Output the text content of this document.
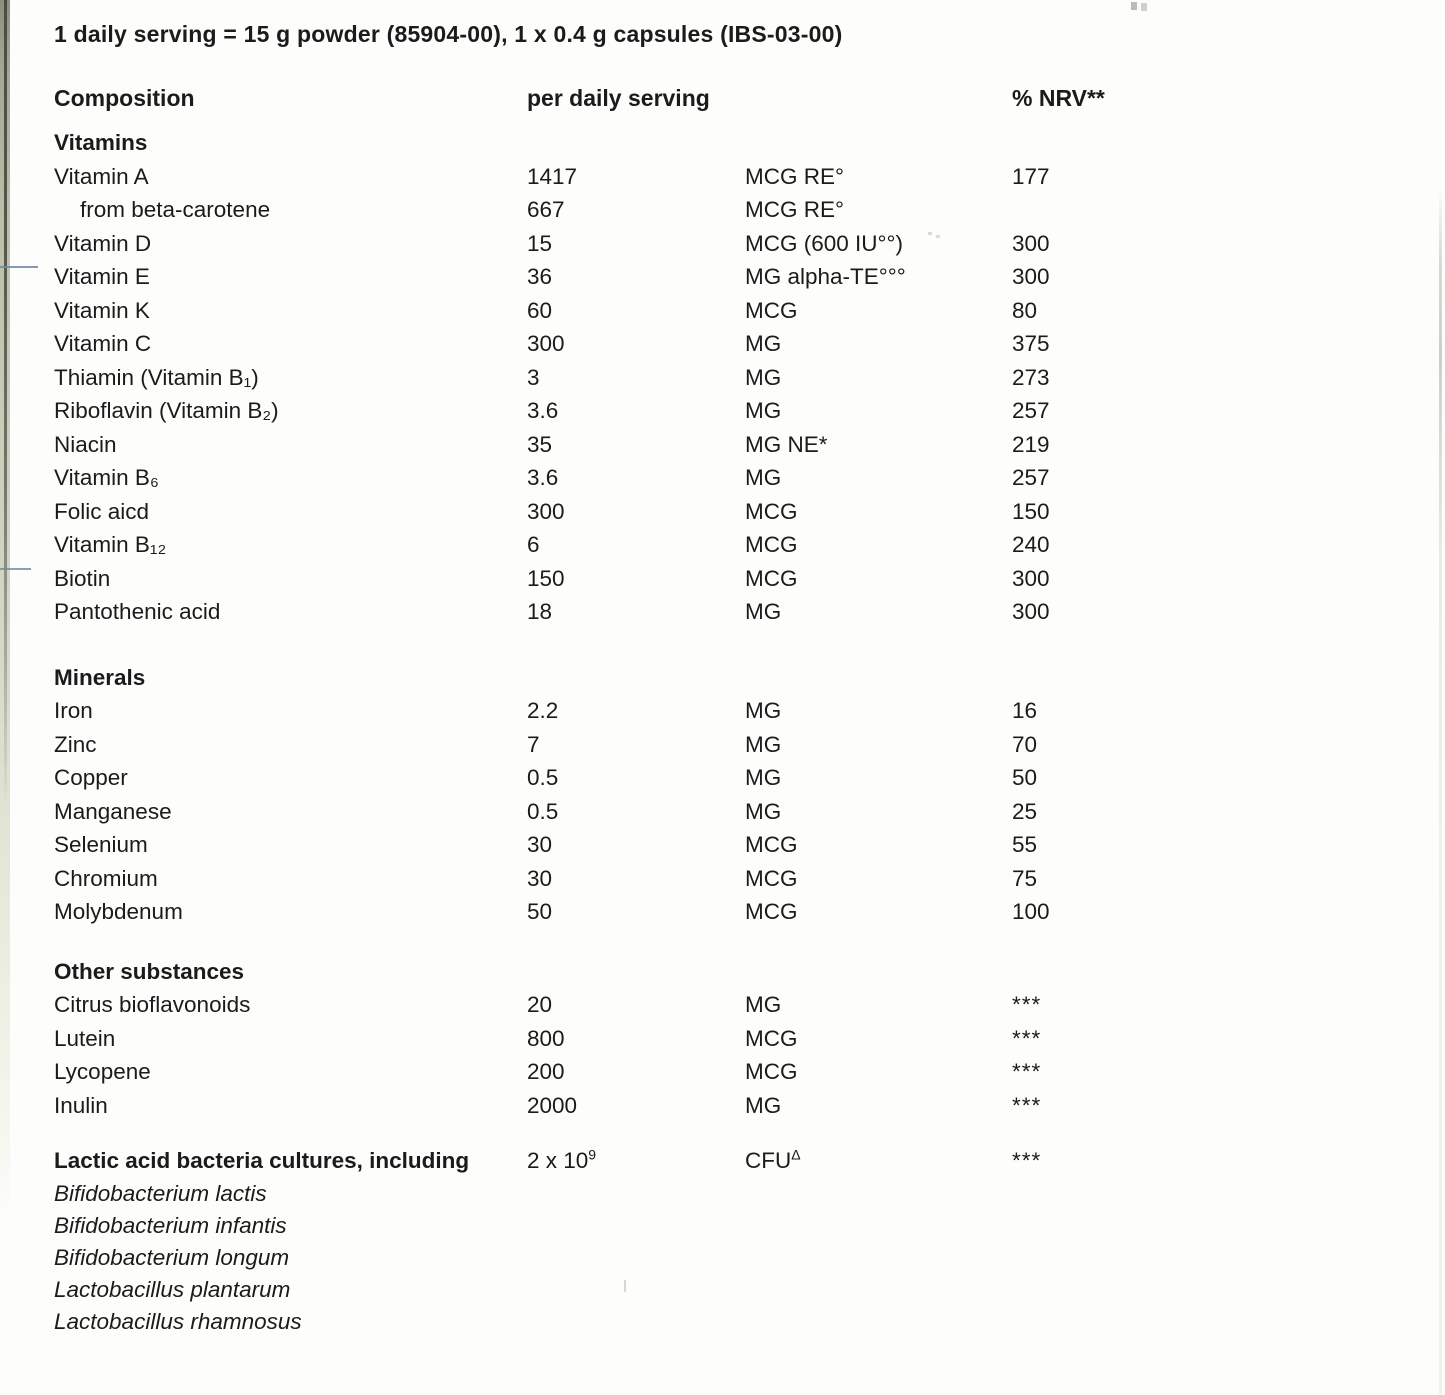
1 daily serving = 15 g powder (85904-00), 1 x 0.4 g capsules (IBS-03-00)
Composition	per daily serving	% NRV**
Vitamins
Vitamin A	1417	MCG RE°	177
from beta-carotene	667	MCG RE°
Vitamin D	15	MCG (600 IU°°)	300
Vitamin E	36	MG alpha-TE°°°	300
Vitamin K	60	MCG	80
Vitamin C	300	MG	375
Thiamin (Vitamin B₁)	3	MG	273
Riboflavin (Vitamin B₂)	3.6	MG	257
Niacin	35	MG NE*	219
Vitamin B₆	3.6	MG	257
Folic aicd	300	MCG	150
Vitamin B₁₂	6	MCG	240
Biotin	150	MCG	300
Pantothenic acid	18	MG	300
Minerals
Iron	2.2	MG	16
Zinc	7	MG	70
Copper	0.5	MG	50
Manganese	0.5	MG	25
Selenium	30	MCG	55
Chromium	30	MCG	75
Molybdenum	50	MCG	100
Other substances
Citrus bioflavonoids	20	MG	***
Lutein	800	MCG	***
Lycopene	200	MCG	***
Inulin	2000	MG	***
Lactic acid bacteria cultures, including	2 x $10^9$	$CFU^\Delta$	***
Bifidobacterium lactis
Bifidobacterium infantis
Bifidobacterium longum
Lactobacillus plantarum
Lactobacillus rhamnosus
